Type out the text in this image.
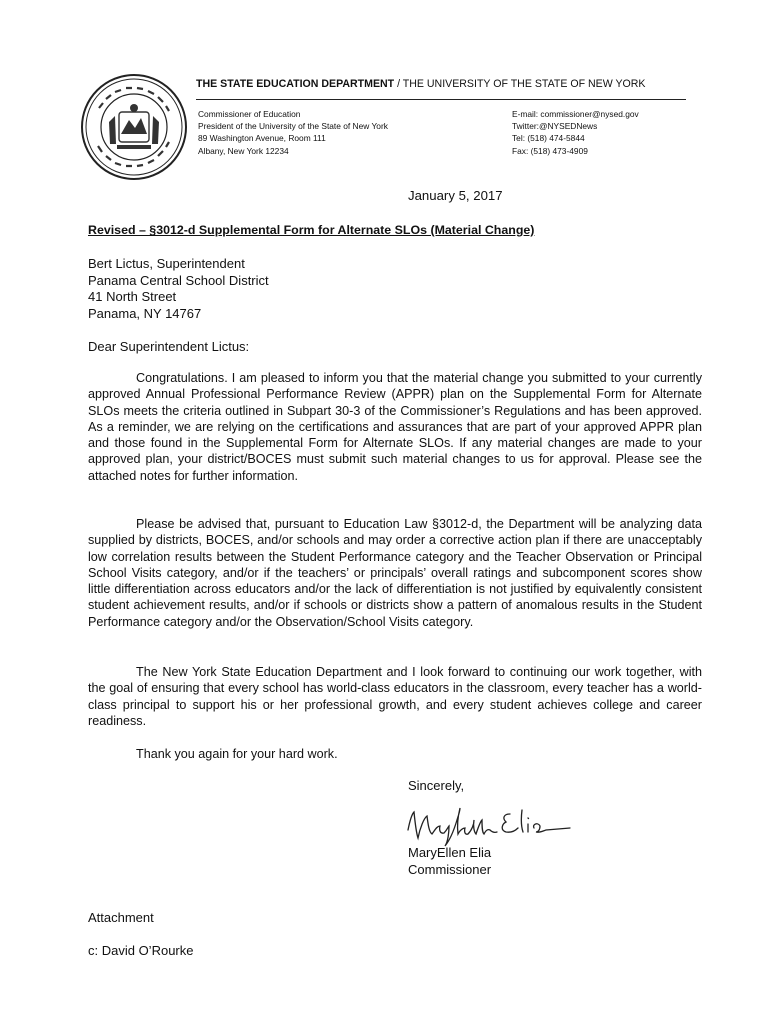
THE STATE EDUCATION DEPARTMENT / THE UNIVERSITY OF THE STATE OF NEW YORK
Commissioner of Education
President of the University of the State of New York
89 Washington Avenue, Room 111
Albany, New York 12234
E-mail: commissioner@nysed.gov
Twitter:@NYSEDNews
Tel: (518) 474-5844
Fax: (518) 473-4909
January 5, 2017
Revised – §3012-d Supplemental Form for Alternate SLOs (Material Change)
Bert Lictus, Superintendent
Panama Central School District
41 North Street
Panama, NY 14767
Dear Superintendent Lictus:

Congratulations. I am pleased to inform you that the material change you submitted to your currently approved Annual Professional Performance Review (APPR) plan on the Supplemental Form for Alternate SLOs meets the criteria outlined in Subpart 30-3 of the Commissioner’s Regulations and has been approved. As a reminder, we are relying on the certifications and assurances that are part of your approved APPR plan and those found in the Supplemental Form for Alternate SLOs. If any material changes are made to your approved plan, your district/BOCES must submit such material changes to us for approval. Please see the attached notes for further information.

Please be advised that, pursuant to Education Law §3012-d, the Department will be analyzing data supplied by districts, BOCES, and/or schools and may order a corrective action plan if there are unacceptably low correlation results between the Student Performance category and the Teacher Observation or Principal School Visits category, and/or if the teachers’ or principals’ overall ratings and subcomponent scores show little differentiation across educators and/or the lack of differentiation is not justified by equivalently consistent student achievement results, and/or if schools or districts show a pattern of anomalous results in the Student Performance category and/or the Observation/School Visits category.

The New York State Education Department and I look forward to continuing our work together, with the goal of ensuring that every school has world-class educators in the classroom, every teacher has a world-class principal to support his or her professional growth, and every student achieves college and career readiness.

Thank you again for your hard work.

Sincerely,
MaryEllen Elia
Commissioner
Attachment
c: David O’Rourke
